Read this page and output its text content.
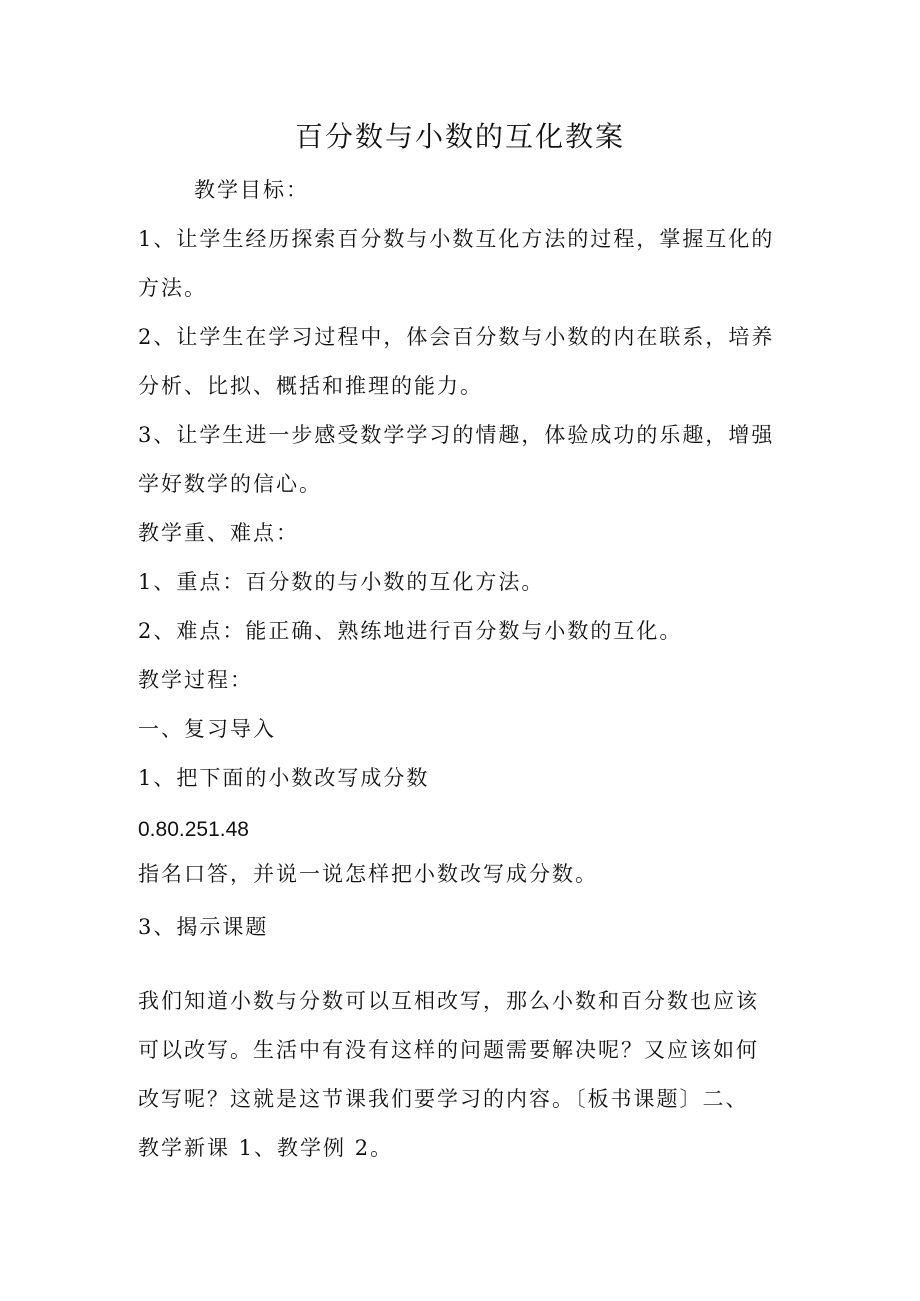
百分数与小数的互化教案
教学目标：
1、让学生经历探索百分数与小数互化方法的过程，掌握互化的
方法。
2、让学生在学习过程中，体会百分数与小数的内在联系，培养
分析、比拟、概括和推理的能力。
3、让学生进一步感受数学学习的情趣，体验成功的乐趣，增强
学好数学的信心。
教学重、难点：
1、重点：百分数的与小数的互化方法。
2、难点：能正确、熟练地进行百分数与小数的互化。
教学过程：
一、复习导入
1、把下面的小数改写成分数
0.80.251.48
指名口答，并说一说怎样把小数改写成分数。
3、揭示课题
我们知道小数与分数可以互相改写，那么小数和百分数也应该
可以改写。生活中有没有这样的问题需要解决呢？又应该如何
改写呢？这就是这节课我们要学习的内容。〔板书课题〕二、
教学新课 1、教学例 2。
